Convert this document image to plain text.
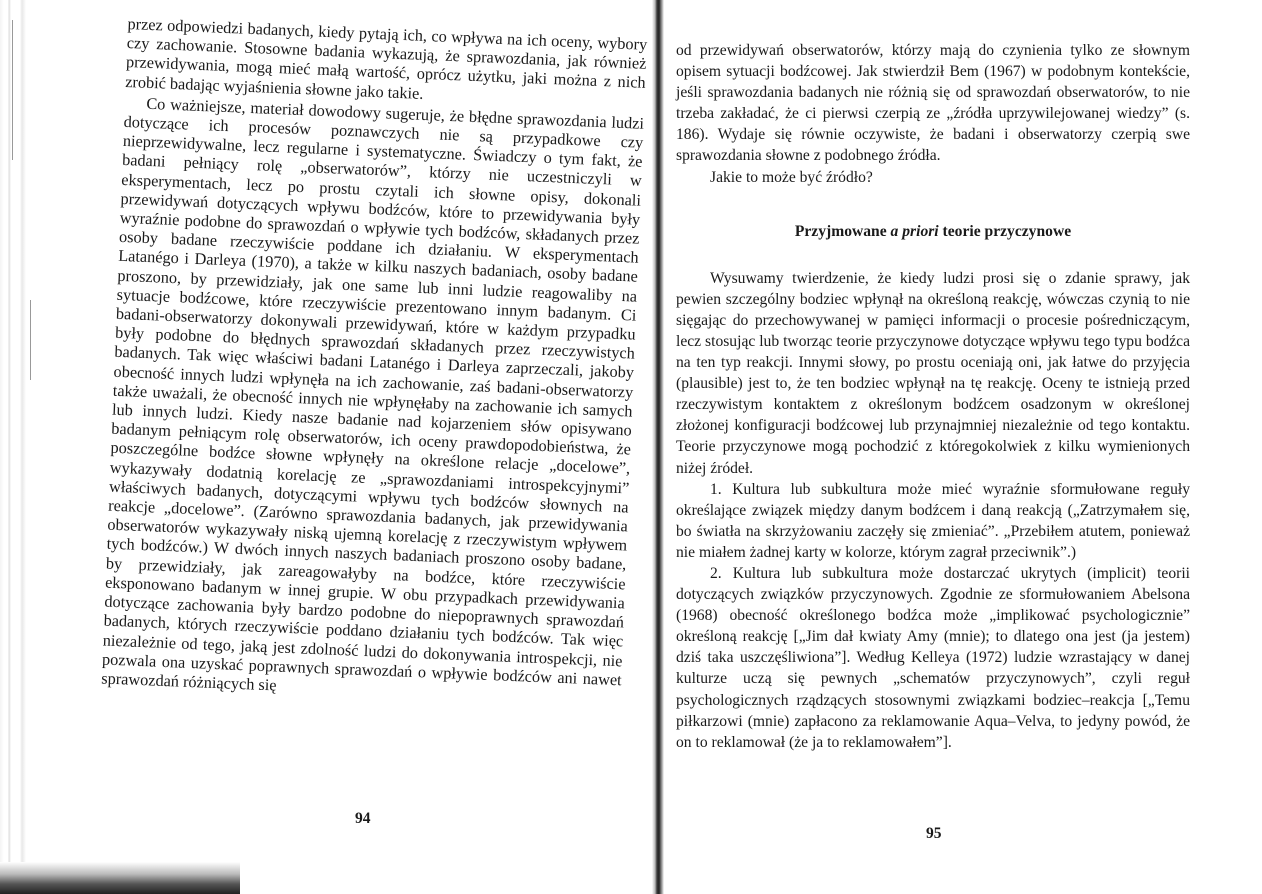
przez odpowiedzi badanych, kiedy pytają ich, co wpływa na ich oceny, wybory czy zachowanie. Stosowne badania wykazują, że sprawozdania, jak również przewidywania, mogą mieć małą wartość, oprócz użytku, jaki można z nich zrobić badając wyjaśnienia słowne jako takie.

Co ważniejsze, materiał dowodowy sugeruje, że błędne sprawozdania ludzi dotyczące ich procesów poznawczych nie są przypadkowe czy nieprzewidywalne, lecz regularne i systematyczne. Świadczy o tym fakt, że badani pełniący rolę „obserwatorów”, którzy nie uczestniczyli w eksperymentach, lecz po prostu czytali ich słowne opisy, dokonali przewidywań dotyczących wpływu bodźców, które to przewidywania były wyraźnie podobne do sprawozdań o wpływie tych bodźców, składanych przez osoby badane rzeczywiście poddane ich działaniu. W eksperymentach Latanégo i Darleya (1970), a także w kilku naszych badaniach, osoby badane proszono, by przewidziały, jak one same lub inni ludzie reagowaliby na sytuacje bodźcowe, które rzeczywiście prezentowano innym badanym. Ci badani-obserwatorzy dokonywali przewidywań, które w każdym przypadku były podobne do błędnych sprawozdań składanych przez rzeczywistych badanych. Tak więc właściwi badani Latanégo i Darleya zaprzeczali, jakoby obecność innych ludzi wpłynęła na ich zachowanie, zaś badani-obserwatorzy także uważali, że obecność innych nie wpłynęłaby na zachowanie ich samych lub innych ludzi. Kiedy nasze badanie nad kojarzeniem słów opisywano badanym pełniącym rolę obserwatorów, ich oceny prawdopodobieństwa, że poszczególne bodźce słowne wpłynęły na określone relacje „docelowe”, wykazywały dodatnią korelację ze „sprawozdaniami introspekcyjnymi” właściwych badanych, dotyczącymi wpływu tych bodźców słownych na reakcje „docelowe”. (Zarówno sprawozdania badanych, jak przewidywania obserwatorów wykazywały niską ujemną korelację z rzeczywistym wpływem tych bodźców.) W dwóch innych naszych badaniach proszono osoby badane, by przewidziały, jak zareagowałyby na bodźce, które rzeczywiście eksponowano badanym w innej grupie. W obu przypadkach przewidywania dotyczące zachowania były bardzo podobne do niepoprawnych sprawozdań badanych, których rzeczywiście poddano działaniu tych bodźców. Tak więc niezależnie od tego, jaką jest zdolność ludzi do dokonywania introspekcji, nie pozwala ona uzyskać poprawnych sprawozdań o wpływie bodźców ani nawet sprawozdań różniących się

94

od przewidywań obserwatorów, którzy mają do czynienia tylko ze słownym opisem sytuacji bodźcowej. Jak stwierdził Bem (1967) w podobnym kontekście, jeśli sprawozdania badanych nie różnią się od sprawozdań obserwatorów, to nie trzeba zakładać, że ci pierwsi czerpią ze „źródła uprzywilejowanej wiedzy” (s. 186). Wydaje się równie oczywiste, że badani i obserwatorzy czerpią swe sprawozdania słowne z podobnego źródła.

Jakie to może być źródło?

Przyjmowane a priori teorie przyczynowe

Wysuwamy twierdzenie, że kiedy ludzi prosi się o zdanie sprawy, jak pewien szczególny bodziec wpłynął na określoną reakcję, wówczas czynią to nie sięgając do przechowywanej w pamięci informacji o procesie pośredniczącym, lecz stosując lub tworząc teorie przyczynowe dotyczące wpływu tego typu bodźca na ten typ reakcji. Innymi słowy, po prostu oceniają oni, jak łatwe do przyjęcia (plausible) jest to, że ten bodziec wpłynął na tę reakcję. Oceny te istnieją przed rzeczywistym kontaktem z określonym bodźcem osadzonym w określonej złożonej konfiguracji bodźcowej lub przynajmniej niezależnie od tego kontaktu. Teorie przyczynowe mogą pochodzić z któregokolwiek z kilku wymienionych niżej źródeł.

1. Kultura lub subkultura może mieć wyraźnie sformułowane reguły określające związek między danym bodźcem i daną reakcją („Zatrzymałem się, bo światła na skrzyżowaniu zaczęły się zmieniać”. „Przebiłem atutem, ponieważ nie miałem żadnej karty w kolorze, którym zagrał przeciwnik”.)

2. Kultura lub subkultura może dostarczać ukrytych (implicit) teorii dotyczących związków przyczynowych. Zgodnie ze sformułowaniem Abelsona (1968) obecność określonego bodźca może „implikować psychologicznie” określoną reakcję [„Jim dał kwiaty Amy (mnie); to dlatego ona jest (ja jestem) dziś taka uszczęśliwiona”]. Według Kelleya (1972) ludzie wzrastający w danej kulturze uczą się pewnych „schematów przyczynowych”, czyli reguł psychologicznych rządzących stosownymi związkami bodziec–reakcja [„Temu piłkarzowi (mnie) zapłacono za reklamowanie Aqua–Velva, to jedyny powód, że on to reklamował (że ja to reklamowałem”].

95
